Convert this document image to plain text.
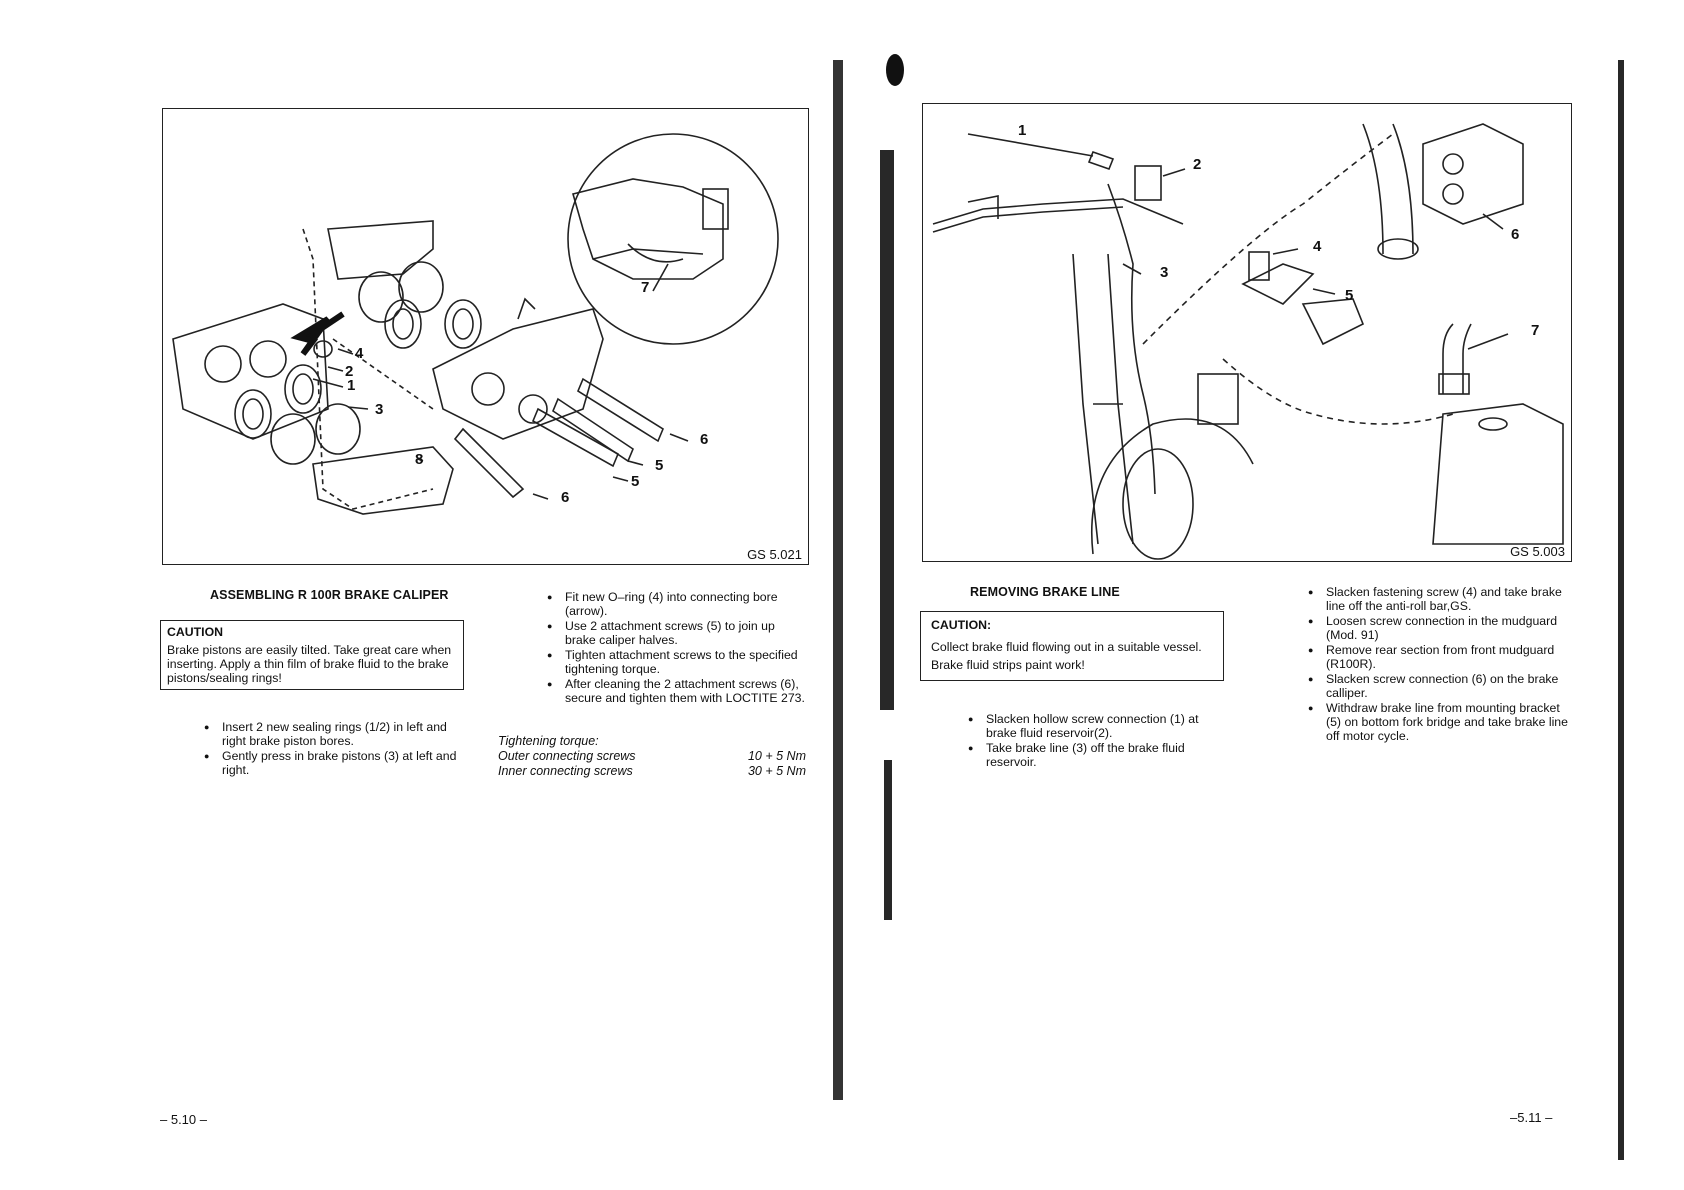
7
4
2
1
3
8
6
5
5
6
GS 5.021
ASSEMBLING R 100R BRAKE CALIPER
CAUTION
Brake pistons are easily tilted. Take great care when inserting. Apply a thin film of brake fluid to the brake pistons/sealing rings!
● Insert 2 new sealing rings (1/2) in left and right brake piston bores.
● Gently press in brake pistons (3) at left and right.
● Fit new O–ring (4) into connecting bore (arrow).
● Use 2 attachment screws (5) to join up brake caliper halves.
● Tighten attachment screws to the specified tightening torque.
● After cleaning the 2 attachment screws (6), secure and tighten them with LOCTITE 273.
Tightening torque:
Outer connecting screws	10 + 5 Nm
Inner connecting screws	30 + 5 Nm
– 5.10 –
1
2
3
4
5
6
7
GS 5.003
REMOVING BRAKE LINE
CAUTION:
Collect brake fluid flowing out in a suitable vessel.
Brake fluid strips paint work!
● Slacken hollow screw connection (1) at brake fluid reservoir(2).
● Take brake line (3) off the brake fluid reservoir.
● Slacken fastening screw (4) and take brake line off the anti-roll bar,GS.
● Loosen screw connection in the mudguard (Mod. 91)
● Remove rear section from front mudguard (R100R).
● Slacken screw connection (6) on the brake calliper.
● Withdraw brake line from mounting bracket (5) on bottom fork bridge and take brake line off motor cycle.
–5.11 –
